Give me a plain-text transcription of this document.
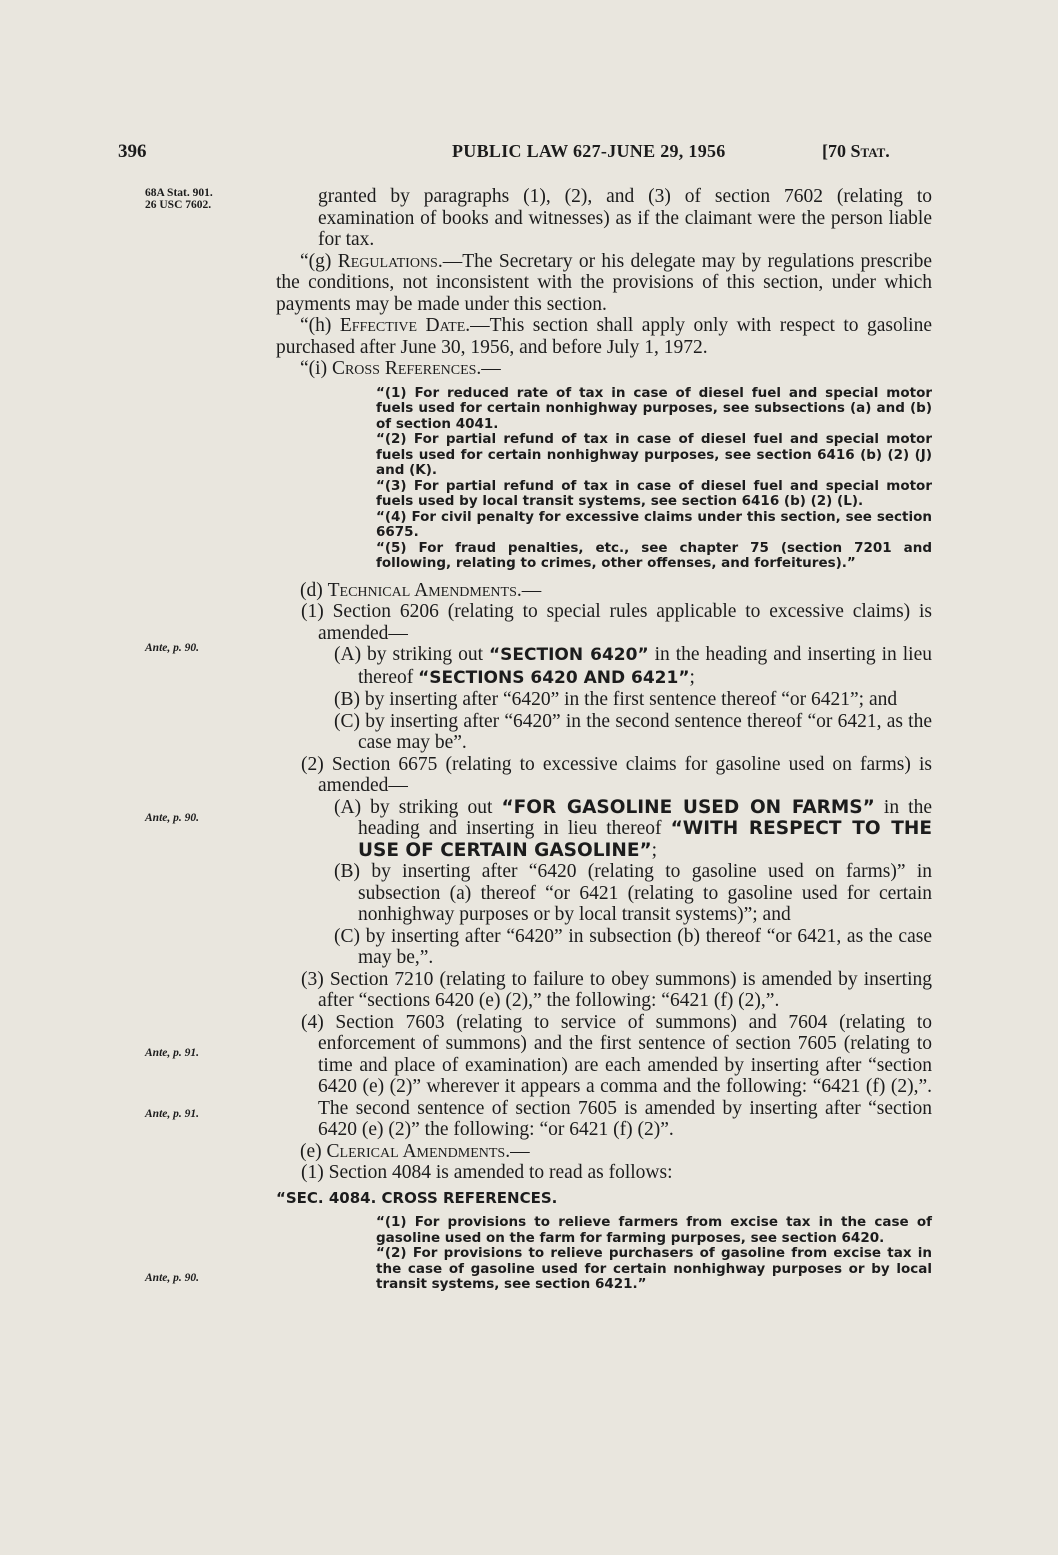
396	PUBLIC LAW 627-JUNE 29, 1956	[70 Stat.
68A Stat. 901.
26 USC 7602.
Ante, p. 90.
Ante, p. 90.
Ante, p. 91.
Ante, p. 91.
Ante, p. 90.

granted by paragraphs (1), (2), and (3) of section 7602 (relating to examination of books and witnesses) as if the claimant were the person liable for tax.

“(g) Regulations.—The Secretary or his delegate may by regulations prescribe the conditions, not inconsistent with the provisions of this section, under which payments may be made under this section.

“(h) Effective Date.—This section shall apply only with respect to gasoline purchased after June 30, 1956, and before July 1, 1972.

“(i) Cross References.—

“(1) For reduced rate of tax in case of diesel fuel and special motor fuels used for certain nonhighway purposes, see subsections (a) and (b) of section 4041.

“(2) For partial refund of tax in case of diesel fuel and special motor fuels used for certain nonhighway purposes, see section 6416 (b) (2) (J) and (K).

“(3) For partial refund of tax in case of diesel fuel and special motor fuels used by local transit systems, see section 6416 (b) (2) (L).

“(4) For civil penalty for excessive claims under this section, see section 6675.

“(5) For fraud penalties, etc., see chapter 75 (section 7201 and following, relating to crimes, other offenses, and forfeitures).”

(d) Technical Amendments.—

(1) Section 6206 (relating to special rules applicable to excessive claims) is amended—

(A) by striking out “SECTION 6420” in the heading and inserting in lieu thereof “SECTIONS 6420 AND 6421”;

(B) by inserting after “6420” in the first sentence thereof “or 6421”; and

(C) by inserting after “6420” in the second sentence thereof “or 6421, as the case may be”.

(2) Section 6675 (relating to excessive claims for gasoline used on farms) is amended—

(A) by striking out “FOR GASOLINE USED ON FARMS” in the heading and inserting in lieu thereof “WITH RESPECT TO THE USE OF CERTAIN GASOLINE”;

(B) by inserting after “6420 (relating to gasoline used on farms)” in subsection (a) thereof “or 6421 (relating to gasoline used for certain nonhighway purposes or by local transit systems)”; and

(C) by inserting after “6420” in subsection (b) thereof “or 6421, as the case may be,”.

(3) Section 7210 (relating to failure to obey summons) is amended by inserting after “sections 6420 (e) (2),” the following: “6421 (f) (2),”.

(4) Section 7603 (relating to service of summons) and 7604 (relating to enforcement of summons) and the first sentence of section 7605 (relating to time and place of examination) are each amended by inserting after “section 6420 (e) (2)” wherever it appears a comma and the following: “6421 (f) (2),”. The second sentence of section 7605 is amended by inserting after “section 6420 (e) (2)” the following: “or 6421 (f) (2)”.

(e) Clerical Amendments.—

(1) Section 4084 is amended to read as follows:

“SEC. 4084. CROSS REFERENCES.

“(1) For provisions to relieve farmers from excise tax in the case of gasoline used on the farm for farming purposes, see section 6420.

“(2) For provisions to relieve purchasers of gasoline from excise tax in the case of gasoline used for certain nonhighway purposes or by local transit systems, see section 6421.”
